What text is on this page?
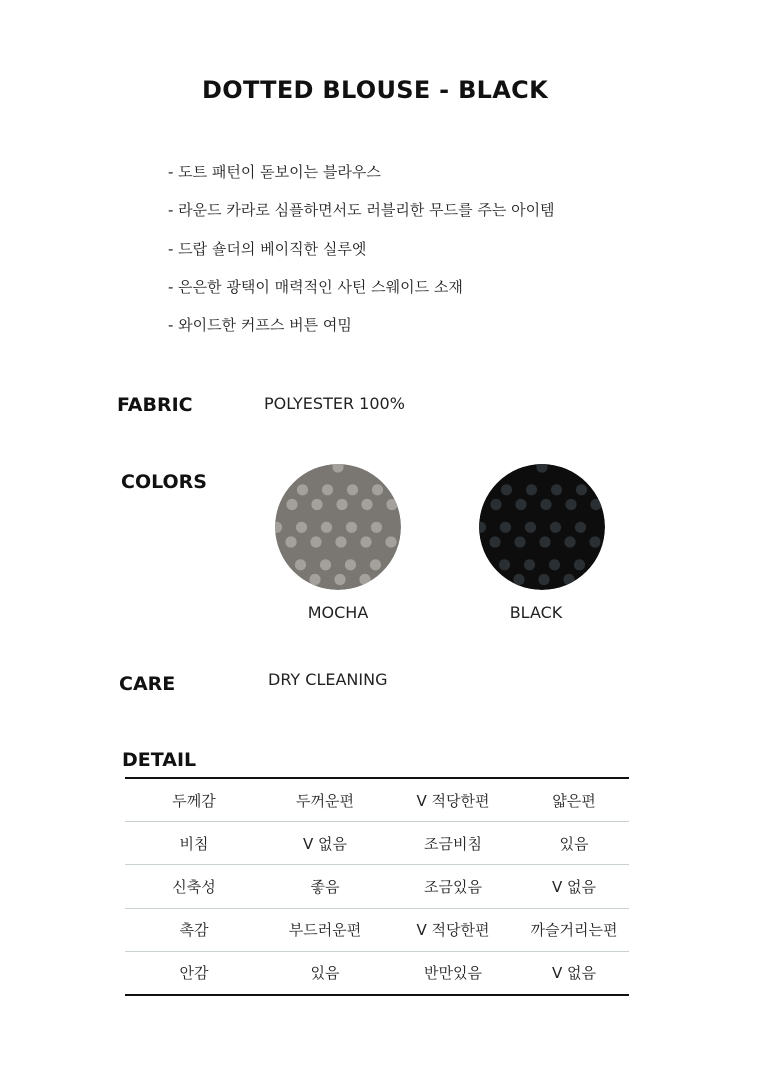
DOTTED BLOUSE - BLACK
- 도트 패턴이 돋보이는 블라우스
- 라운드 카라로 심플하면서도 러블리한 무드를 주는 아이템
- 드랍 숄더의 베이직한 실루엣
- 은은한 광택이 매력적인 사틴 스웨이드 소재
- 와이드한 커프스 버튼 여밈
FABRIC	POLYESTER 100%
COLORS
MOCHA	BLACK
CARE	DRY CLEANING
DETAIL
두께감	두꺼운편	V 적당한편	얇은편
비침	V 없음	조금비침	있음
신축성	좋음	조금있음	V 없음
촉감	부드러운편	V 적당한편	까슬거리는편
안감	있음	반만있음	V 없음
